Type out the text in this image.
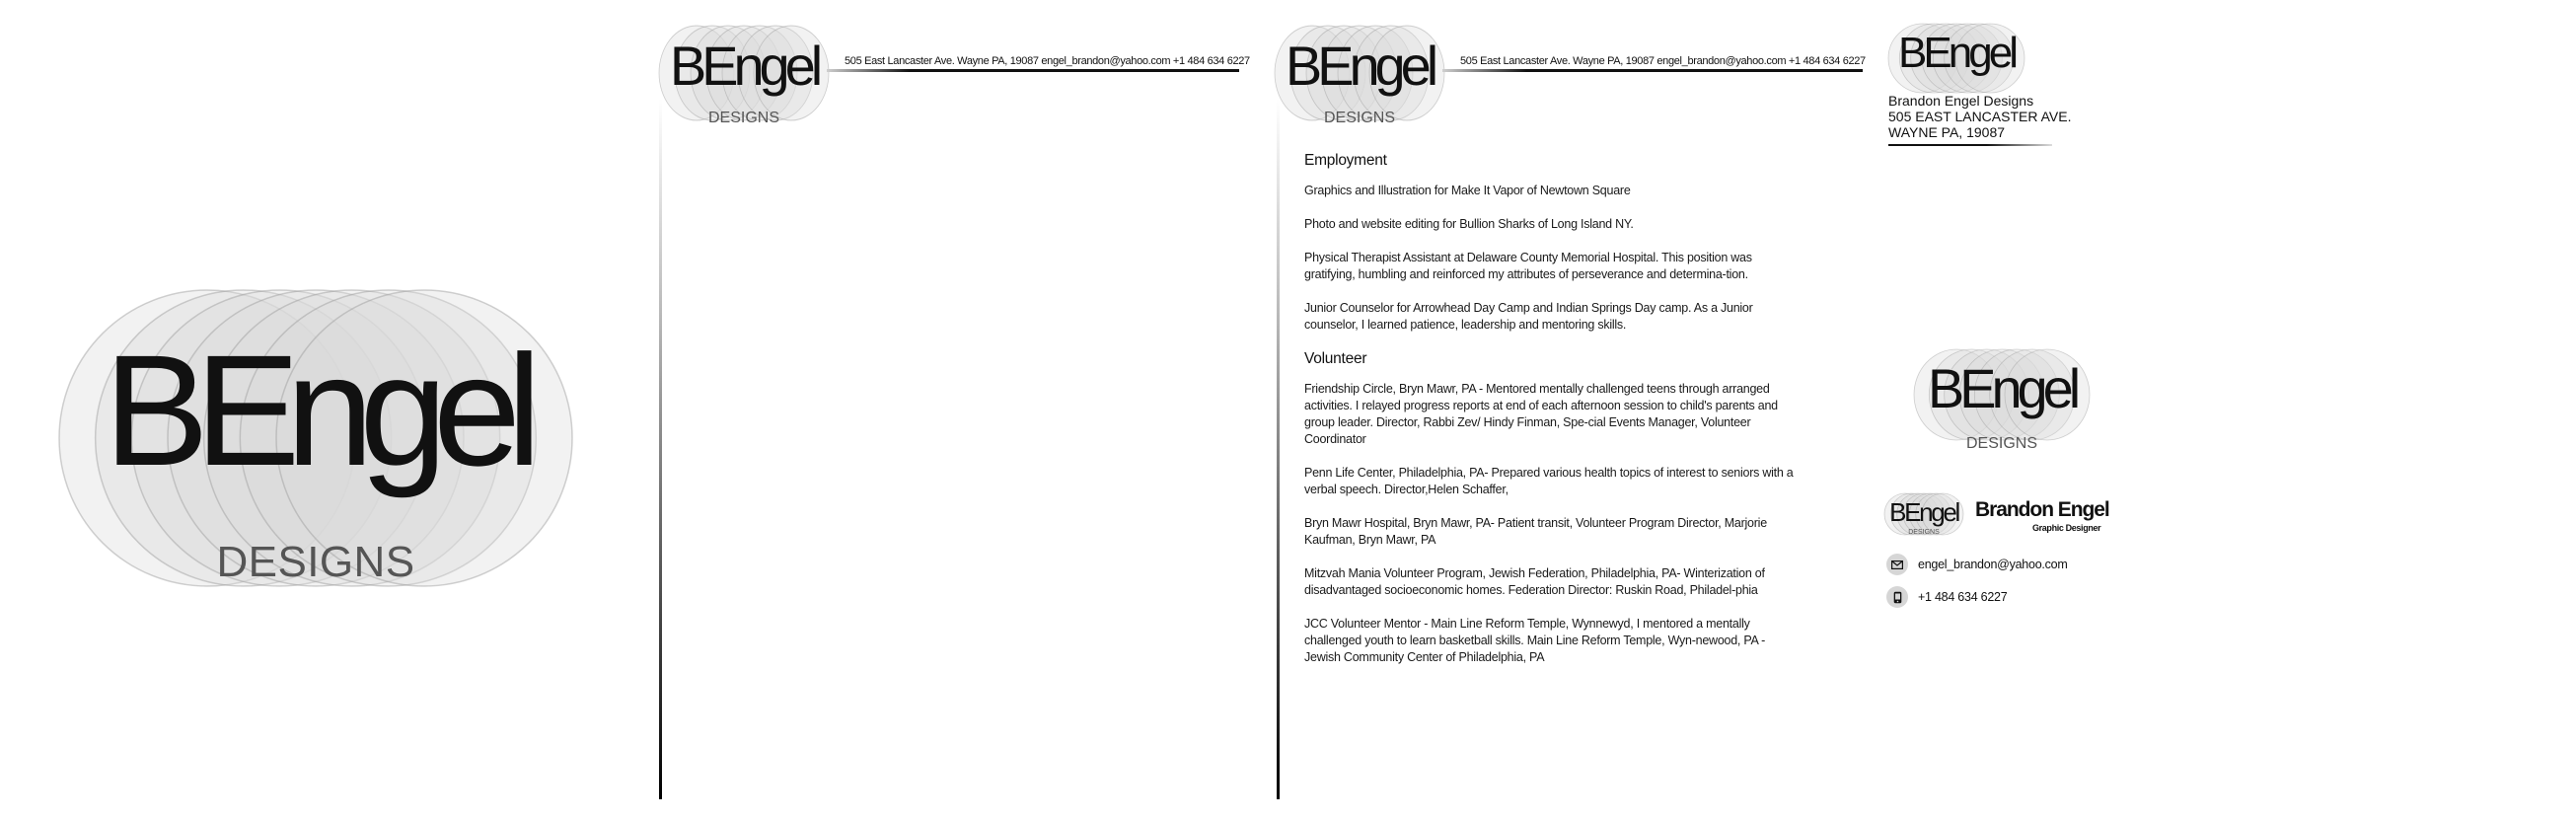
BEngel
DESIGNS
BEngel
DESIGNS
505 East Lancaster Ave. Wayne PA, 19087 engel_brandon@yahoo.com +1 484 634 6227 BEngel
DESIGNS
505 East Lancaster Ave. Wayne PA, 19087 engel_brandon@yahoo.com +1 484 634 6227
Employment
Graphics and Illustration for Make It Vapor of Newtown Square
Photo and website editing for Bullion Sharks of Long Island NY.
Physical Therapist Assistant at Delaware County Memorial Hospital. This position was gratifying, humbling and reinforced my attributes of perseverance and determina-tion.
Junior Counselor for Arrowhead Day Camp and Indian Springs Day camp. As a Junior counselor, I learned patience, leadership and mentoring skills.
Volunteer
Friendship Circle, Bryn Mawr, PA - Mentored mentally challenged teens through arranged activities. I relayed progress reports at end of each afternoon session to child's parents and group leader. Director, Rabbi Zev/ Hindy Finman, Spe-cial Events Manager, Volunteer Coordinator
Penn Life Center, Philadelphia, PA- Prepared various health topics of interest to seniors with a verbal speech. Director,Helen Schaffer,
Bryn Mawr Hospital, Bryn Mawr, PA- Patient transit, Volunteer Program Director, Marjorie Kaufman, Bryn Mawr, PA
Mitzvah Mania Volunteer Program, Jewish Federation, Philadelphia, PA- Winterization of disadvantaged socioeconomic homes. Federation Director: Ruskin Road, Philadel-phia
JCC Volunteer Mentor - Main Line Reform Temple, Wynnewyd, I mentored a mentally challenged youth to learn basketball skills. Main Line Reform Temple, Wyn-newood, PA -Jewish Community Center of Philadelphia, PA
BEngel
Brandon Engel Designs
505 EAST LANCASTER AVE.
WAYNE PA, 19087
BEngel
DESIGNS
BEngel
DESIGNS
Brandon Engel
Graphic Designer
engel_brandon@yahoo.com
+1 484 634 6227
